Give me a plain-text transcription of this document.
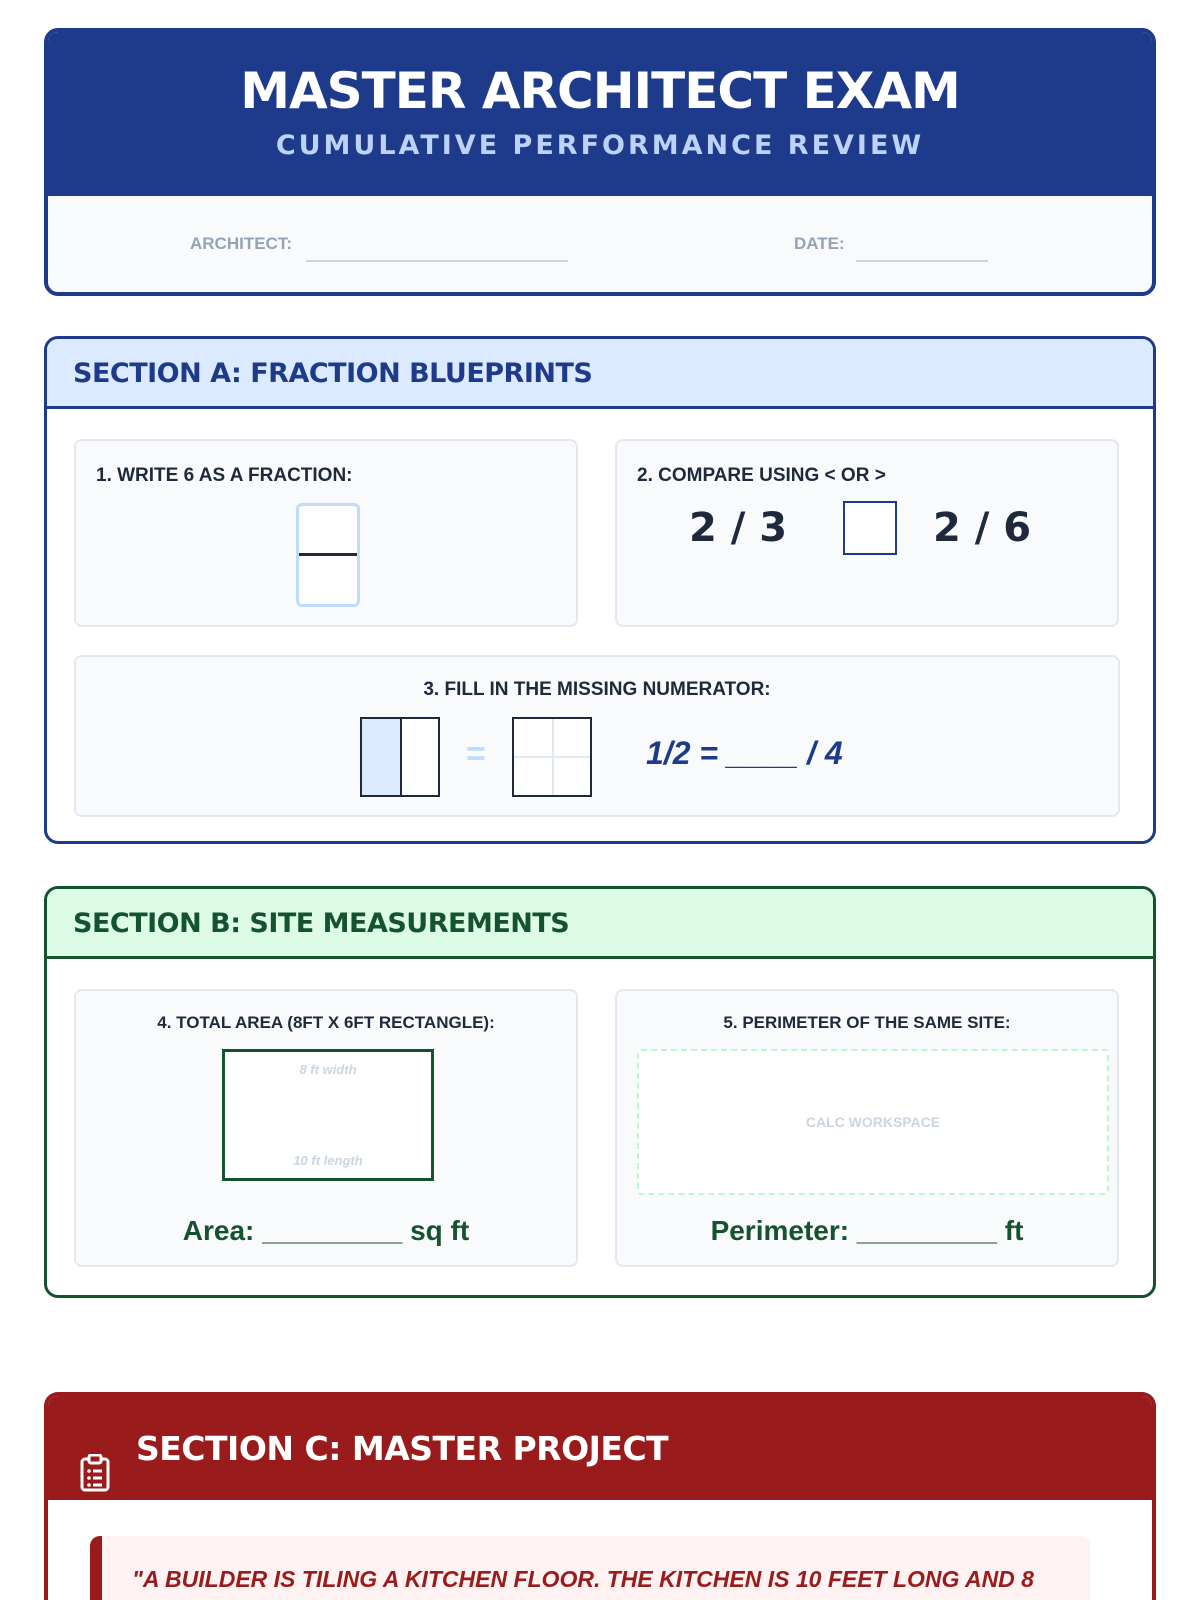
MASTER ARCHITECT EXAM
CUMULATIVE PERFORMANCE REVIEW
ARCHITECT:	DATE:
SECTION A: FRACTION BLUEPRINTS
1. WRITE 6 AS A FRACTION:	2. COMPARE USING < OR >
2 / 3	2 / 6
3. FILL IN THE MISSING NUMERATOR:
=	1/2 = ____ / 4
SECTION B: SITE MEASUREMENTS
4. TOTAL AREA (8FT X 6FT RECTANGLE):
8 ft width
10 ft length
Area: _________ sq ft
5. PERIMETER OF THE SAME SITE:
CALC WORKSPACE
Perimeter: _________ ft
SECTION C: MASTER PROJECT
"A BUILDER IS TILING A KITCHEN FLOOR. THE KITCHEN IS 10 FEET LONG AND 8
